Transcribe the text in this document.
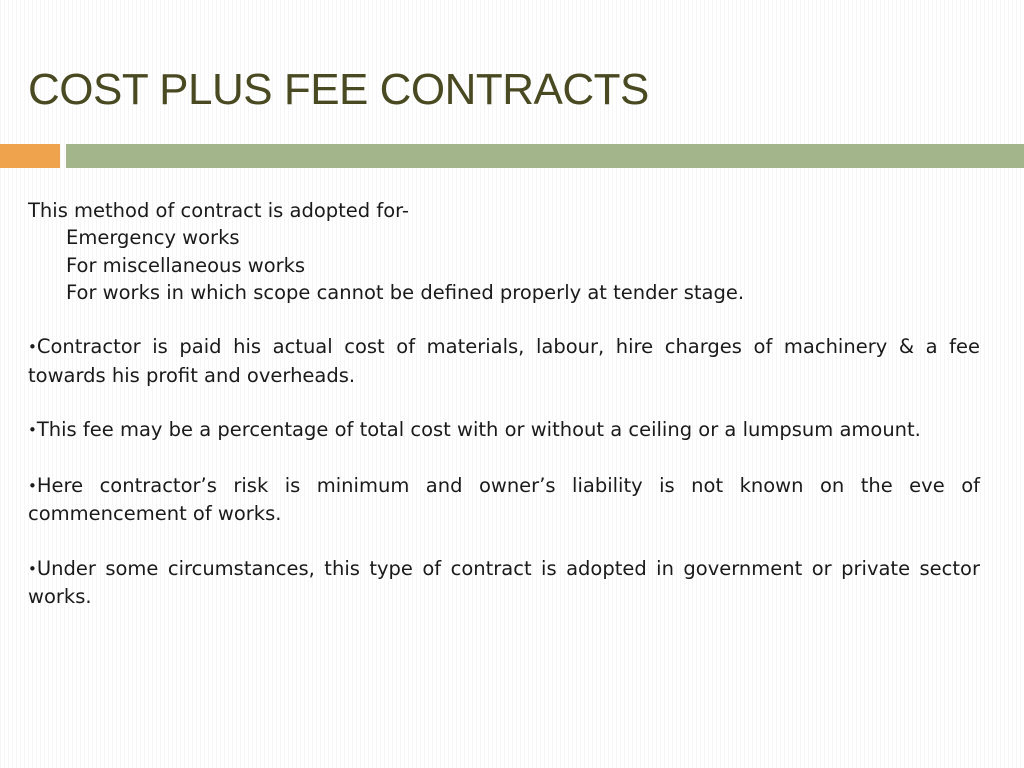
COST PLUS FEE CONTRACTS

This method of contract is adopted for-

Emergency works
For miscellaneous works
For works in which scope cannot be defined properly at tender stage.

•Contractor is paid his actual cost of materials, labour, hire charges of machinery & a fee towards his profit and overheads.

•This fee may be a percentage of total cost with or without a ceiling or a lumpsum amount.

•Here contractor’s risk is minimum and owner’s liability is not known on the eve of commencement of works.

•Under some circumstances, this type of contract is adopted in government or private sector works.
